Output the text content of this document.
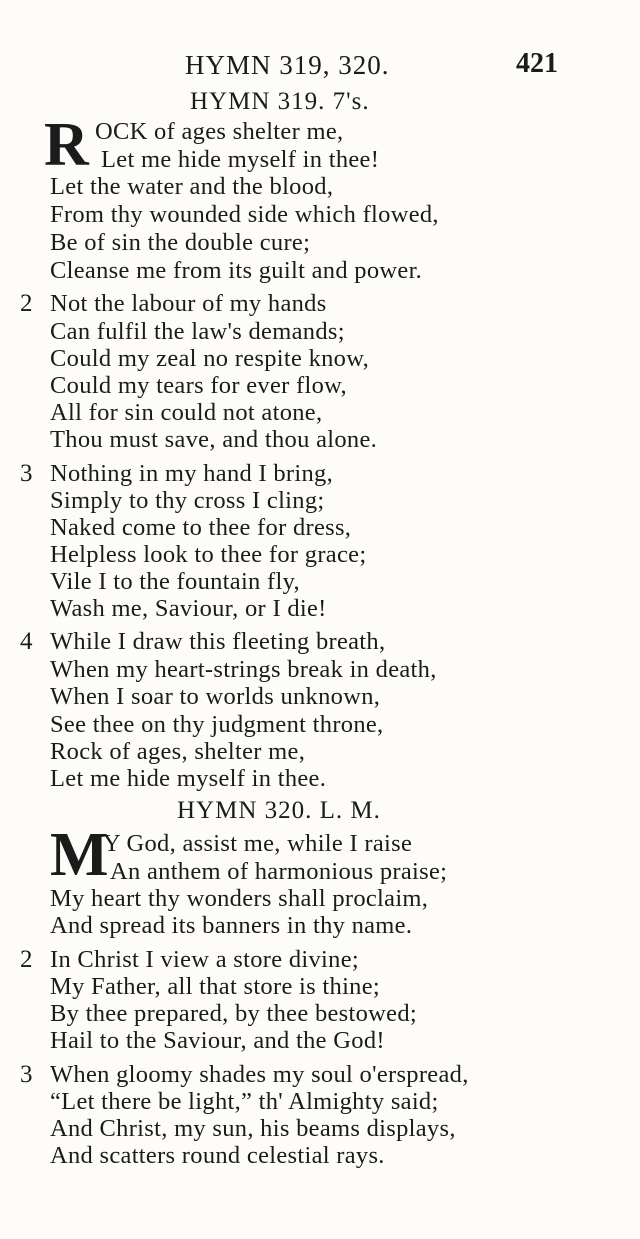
HYMN 319, 320.	421
HYMN 319. 7's.
R OCK of ages shelter me,
Let me hide myself in thee!
Let the water and the blood,
From thy wounded side which flowed,
Be of sin the double cure;
Cleanse me from its guilt and power.
2 Not the labour of my hands
Can fulfil the law's demands;
Could my zeal no respite know,
Could my tears for ever flow,
All for sin could not atone,
Thou must save, and thou alone.
3 Nothing in my hand I bring,
Simply to thy cross I cling;
Naked come to thee for dress,
Helpless look to thee for grace;
Vile I to the fountain fly,
Wash me, Saviour, or I die!
4 While I draw this fleeting breath,
When my heart-strings break in death,
When I soar to worlds unknown,
See thee on thy judgment throne,
Rock of ages, shelter me,
Let me hide myself in thee.
HYMN 320. L. M.
M
Y God, assist me, while I raise
An anthem of harmonious praise;
My heart thy wonders shall proclaim,
And spread its banners in thy name.
2 In Christ I view a store divine;
My Father, all that store is thine;
By thee prepared, by thee bestowed;
Hail to the Saviour, and the God!
3 When gloomy shades my soul o'erspread,
“Let there be light,” th' Almighty said;
And Christ, my sun, his beams displays,
And scatters round celestial rays.
